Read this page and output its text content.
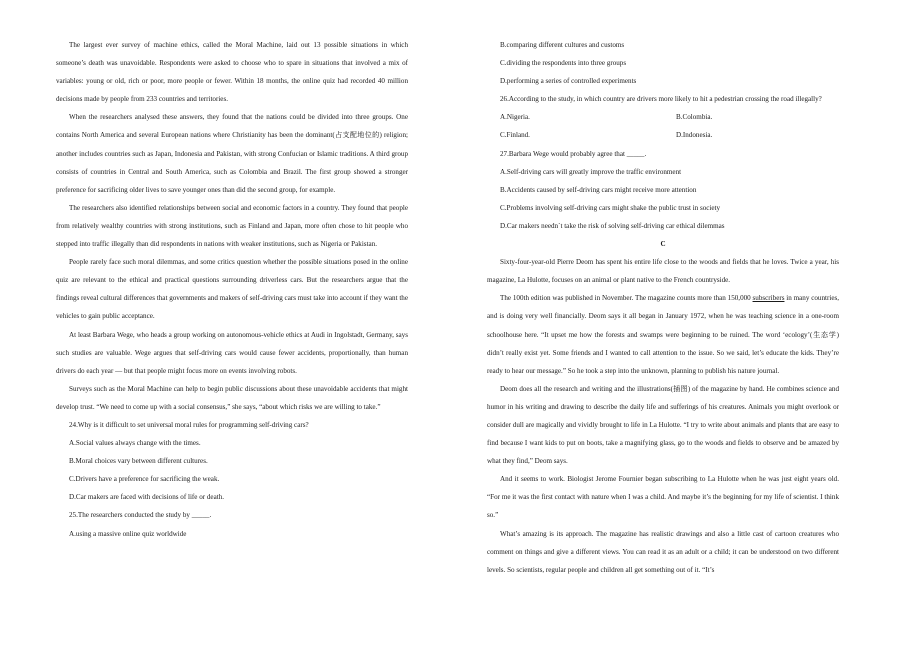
The largest ever survey of machine ethics, called the Moral Machine, laid out 13 possible situations in which someone’s death was unavoidable. Respondents were asked to choose who to spare in situations that involved a mix of variables: young or old, rich or poor, more people or fewer. Within 18 months, the online quiz had recorded 40 million decisions made by people from 233 countries and territories.

When the researchers analysed these answers, they found that the nations could be divided into three groups. One contains North America and several European nations where Christianity has been the dominant(占支配地位的) religion; another includes countries such as Japan, Indonesia and Pakistan, with strong Confucian or Islamic traditions. A third group consists of countries in Central and South America, such as Colombia and Brazil. The first group showed a stronger preference for sacrificing older lives to save younger ones than did the second group, for example.

The researchers also identified relationships between social and economic factors in a country. They found that people from relatively wealthy countries with strong institutions, such as Finland and Japan, more often chose to hit people who stepped into traffic illegally than did respondents in nations with weaker institutions, such as Nigeria or Pakistan.

People rarely face such moral dilemmas, and some critics question whether the possible situations posed in the online quiz are relevant to the ethical and practical questions surrounding driverless cars. But the researchers argue that the findings reveal cultural differences that governments and makers of self-driving cars must take into account if they want the vehicles to gain public acceptance.

At least Barbara Wege, who heads a group working on autonomous-vehicle ethics at Audi in Ingolstadt, Germany, says such studies are valuable. Wege argues that self-driving cars would cause fewer accidents, proportionally, than human drivers do each year — but that people might focus more on events involving robots.

Surveys such as the Moral Machine can help to begin public discussions about these unavoidable accidents that might develop trust. “We need to come up with a social consensus,” she says, “about which risks we are willing to take.”

24.Why is it difficult to set universal moral rules for programming self-driving cars?

A.Social values always change with the times.

B.Moral choices vary between different cultures.

C.Drivers have a preference for sacrificing the weak.

D.Car makers are faced with decisions of life or death.

25.The researchers conducted the study by _____.

A.using a massive online quiz worldwide

B.comparing different cultures and customs

C.dividing the respondents into three groups

D.performing a series of controlled experiments

26.According to the study, in which country are drivers more likely to hit a pedestrian crossing the road illegally?

A.Nigeria.	B.Colombia.
C.Finland.	D.Indonesia.

27.Barbara Wege would probably agree that _____.

A.Self-driving cars will greatly improve the traffic environment

B.Accidents caused by self-driving cars might receive more attention

C.Problems involving self-driving cars might shake the public trust in society

D.Car makers needn`t take the risk of solving self-driving car ethical dilemmas

C

Sixty-four-year-old Pierre Deom has spent his entire life close to the woods and fields that he loves. Twice a year, his magazine, La Hulotte, focuses on an animal or plant native to the French countryside.

The 100th edition was published in November. The magazine counts more than 150,000 subscribers in many countries, and is doing very well financially. Deom says it all began in January 1972, when he was teaching science in a one-room schoolhouse here. “It upset me how the forests and swamps were beginning to be ruined. The word ‘ecology’(生态学) didn’t really exist yet. Some friends and I wanted to call attention to the issue. So we said, let’s educate the kids. They’re ready to hear our message.” So he took a step into the unknown, planning to publish his nature journal.

Deom does all the research and writing and the illustrations(插图) of the magazine by hand. He combines science and humor in his writing and drawing to describe the daily life and sufferings of his creatures. Animals you might overlook or consider dull are magically and vividly brought to life in La Hulotte. “I try to write about animals and plants that are easy to find because I want kids to put on boots, take a magnifying glass, go to the woods and fields to observe and be amazed by what they find,” Deom says.

And it seems to work. Biologist Jerome Fournier began subscribing to La Hulotte when he was just eight years old. “For me it was the first contact with nature when I was a child. And maybe it’s the beginning for my life of scientist. I think so.”

What’s amazing is its approach. The magazine has realistic drawings and also a little cast of cartoon creatures who comment on things and give a different views. You can read it as an adult or a child; it can be understood on two different levels. So scientists, regular people and children all get something out of it. “It’s
